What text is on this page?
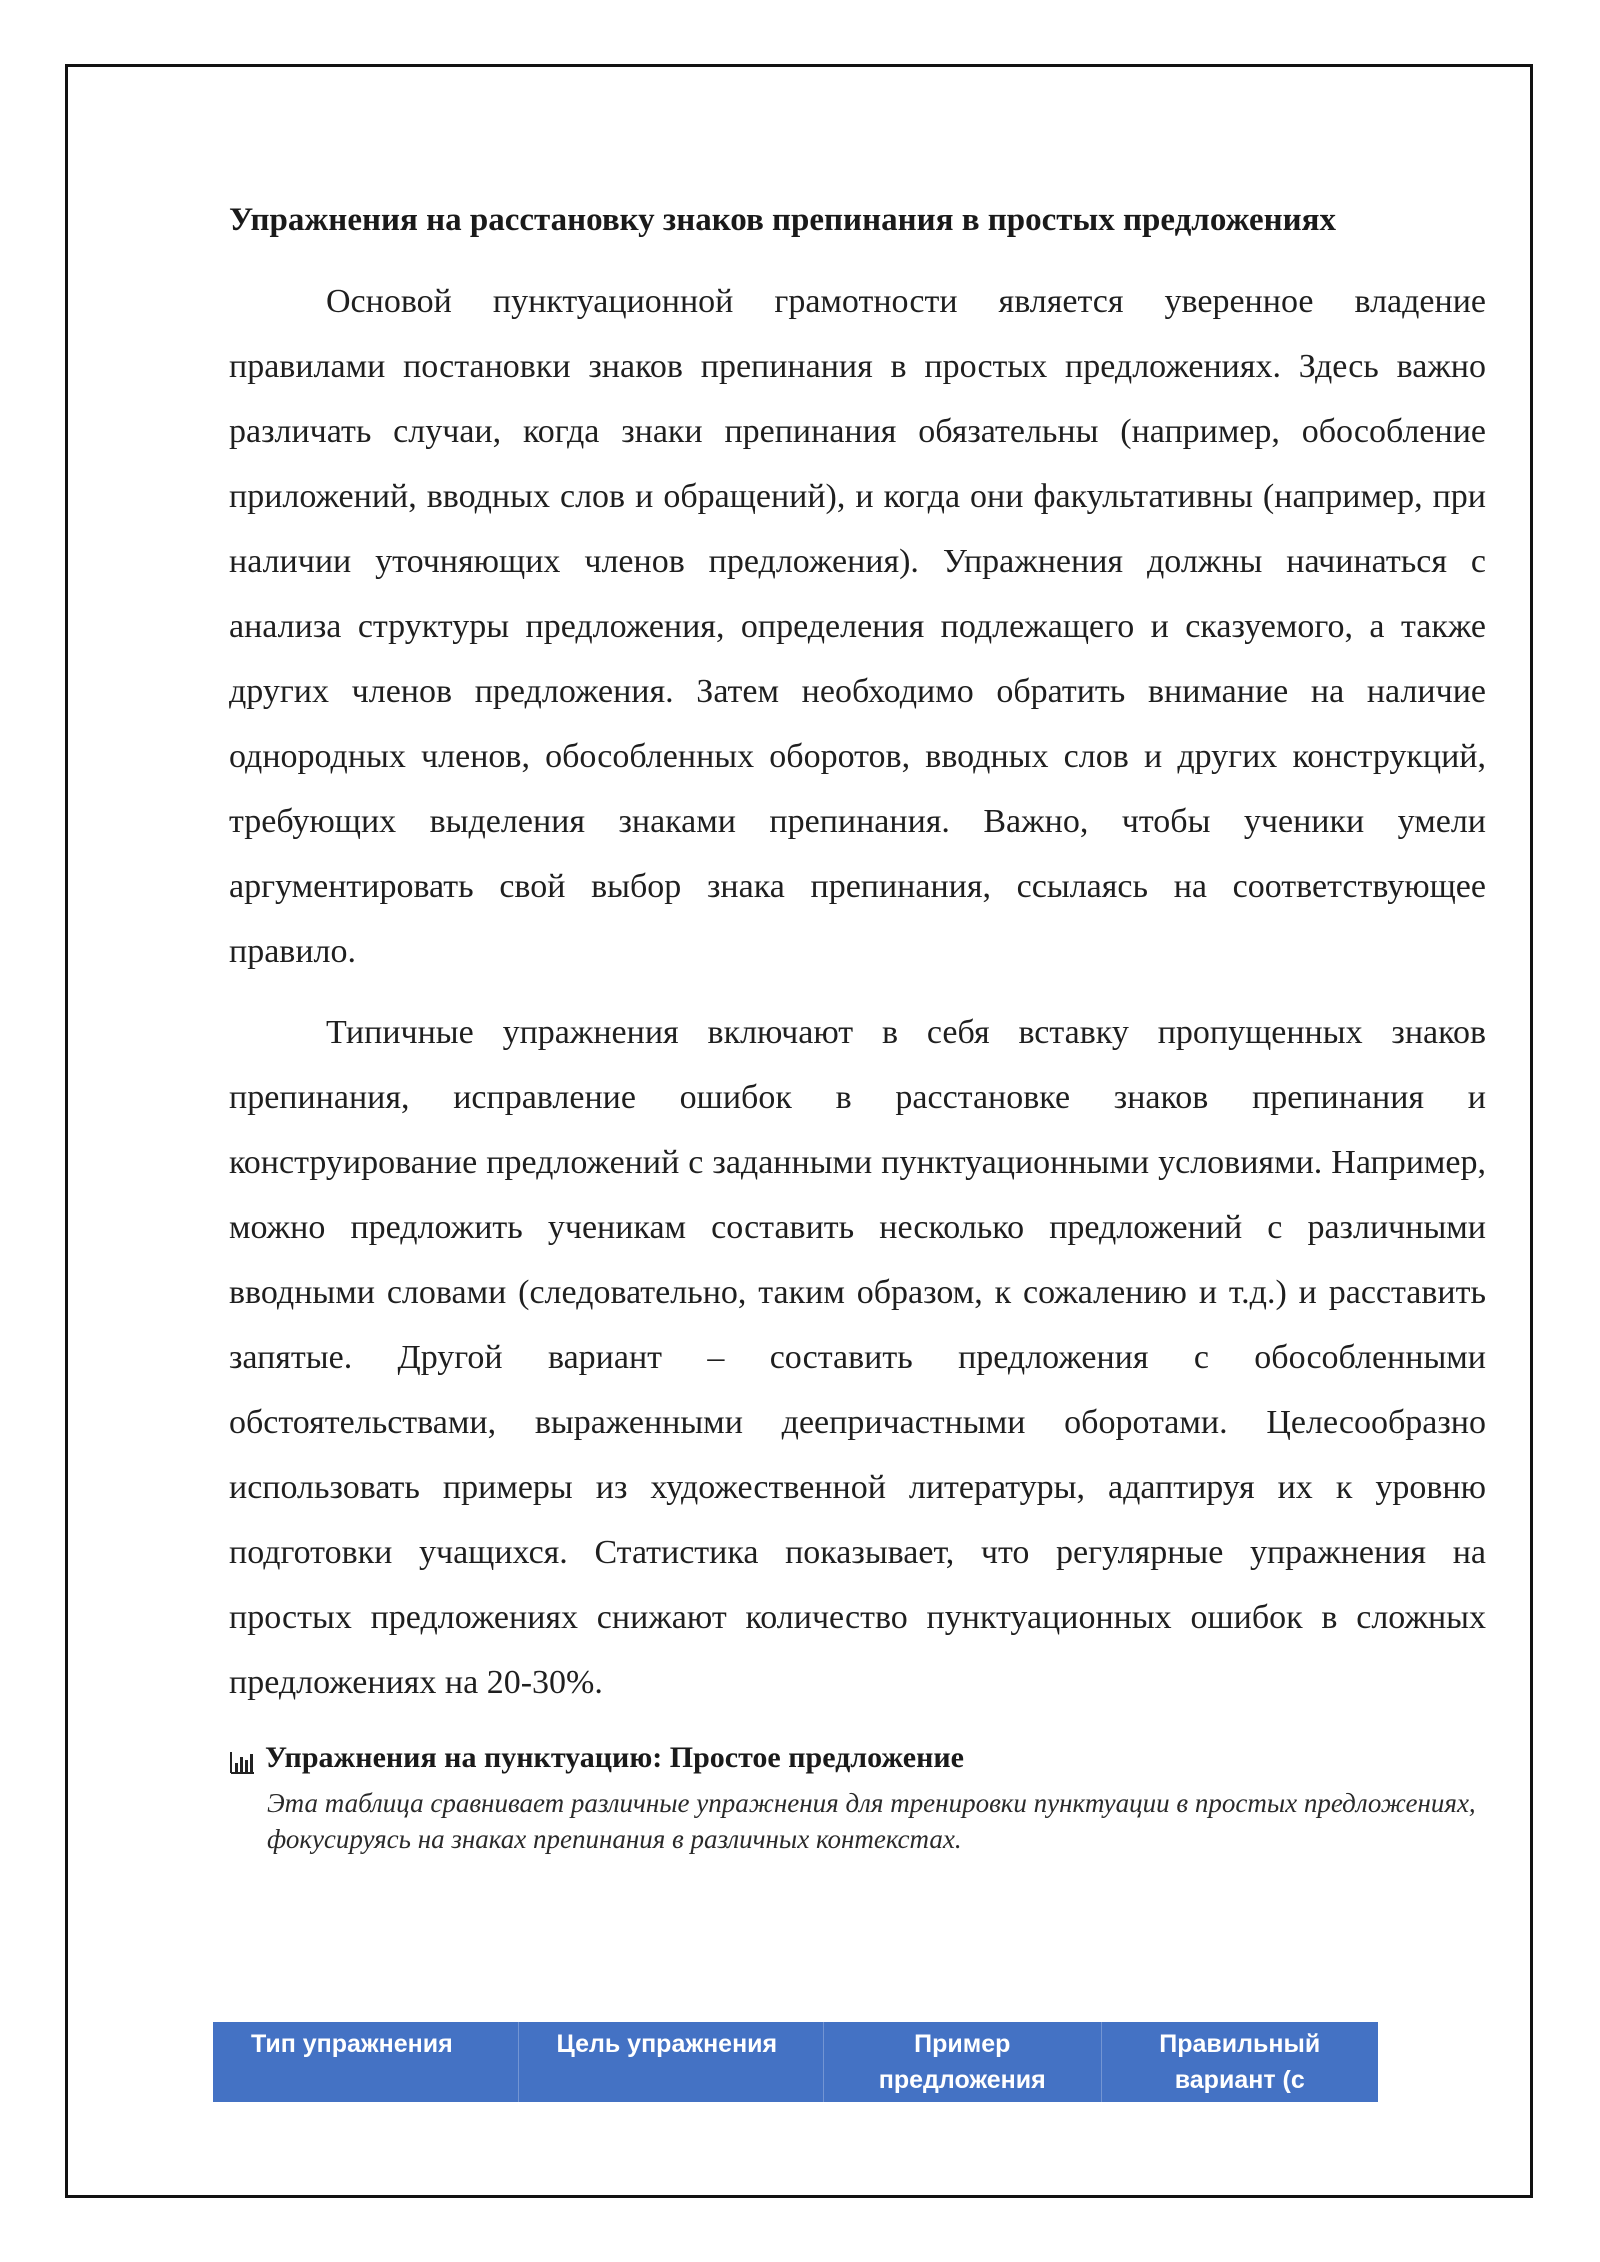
Упражнения на расстановку знаков препинания в простых предложениях

Основой пунктуационной грамотности является уверенное владение правилами постановки знаков препинания в простых предложениях. Здесь важно различать случаи, когда знаки препинания обязательны (например, обособление приложений, вводных слов и обращений), и когда они факультативны (например, при наличии уточняющих членов предложения). Упражнения должны начинаться с анализа структуры предложения, определения подлежащего и сказуемого, а также других членов предложения. Затем необходимо обратить внимание на наличие однородных членов, обособленных оборотов, вводных слов и других конструкций, требующих выделения знаками препинания. Важно, чтобы ученики умели аргументировать свой выбор знака препинания, ссылаясь на соответствующее правило.

Типичные упражнения включают в себя вставку пропущенных знаков препинания, исправление ошибок в расстановке знаков препинания и конструирование предложений с заданными пунктуационными условиями. Например, можно предложить ученикам составить несколько предложений с различными вводными словами (следовательно, таким образом, к сожалению и т.д.) и расставить запятые. Другой вариант – составить предложения с обособленными обстоятельствами, выраженными деепричастными оборотами. Целесообразно использовать примеры из художественной литературы, адаптируя их к уровню подготовки учащихся. Статистика показывает, что регулярные упражнения на простых предложениях снижают количество пунктуационных ошибок в сложных предложениях на 20-30%.

Упражнения на пунктуацию: Простое предложение
Эта таблица сравнивает различные упражнения для тренировки пунктуации в простых предложениях, фокусируясь на знаках препинания в различных контекстах.
Тип упражнения	Цель упражнения	Пример предложения
Правильный вариант (с
